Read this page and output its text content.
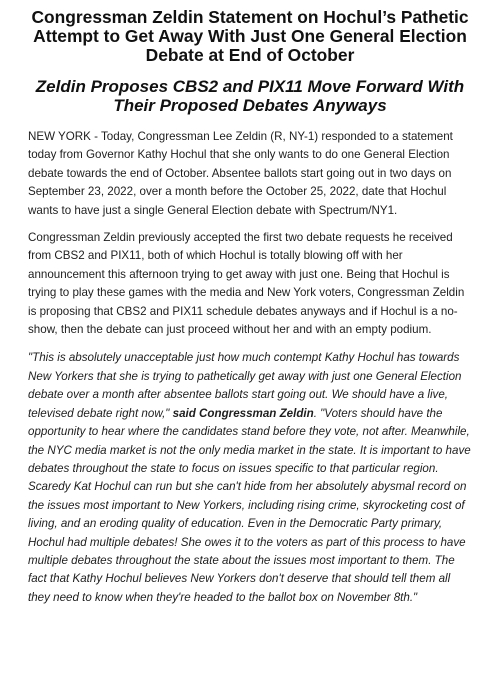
Congressman Zeldin Statement on Hochul’s Pathetic Attempt to Get Away With Just One General Election Debate at End of October
Zeldin Proposes CBS2 and PIX11 Move Forward With Their Proposed Debates Anyways

NEW YORK - Today, Congressman Lee Zeldin (R, NY-1) responded to a statement today from Governor Kathy Hochul that she only wants to do one General Election debate towards the end of October. Absentee ballots start going out in two days on September 23, 2022, over a month before the October 25, 2022, date that Hochul wants to have just a single General Election debate with Spectrum/NY1.

Congressman Zeldin previously accepted the first two debate requests he received from CBS2 and PIX11, both of which Hochul is totally blowing off with her announcement this afternoon trying to get away with just one. Being that Hochul is trying to play these games with the media and New York voters, Congressman Zeldin is proposing that CBS2 and PIX11 schedule debates anyways and if Hochul is a no-show, then the debate can just proceed without her and with an empty podium.

"This is absolutely unacceptable just how much contempt Kathy Hochul has towards New Yorkers that she is trying to pathetically get away with just one General Election debate over a month after absentee ballots start going out. We should have a live, televised debate right now," said Congressman Zeldin. "Voters should have the opportunity to hear where the candidates stand before they vote, not after. Meanwhile, the NYC media market is not the only media market in the state. It is important to have debates throughout the state to focus on issues specific to that particular region. Scaredy Kat Hochul can run but she can't hide from her absolutely abysmal record on the issues most important to New Yorkers, including rising crime, skyrocketing cost of living, and an eroding quality of education. Even in the Democratic Party primary, Hochul had multiple debates! She owes it to the voters as part of this process to have multiple debates throughout the state about the issues most important to them. The fact that Kathy Hochul believes New Yorkers don't deserve that should tell them all they need to know when they're headed to the ballot box on November 8th."
